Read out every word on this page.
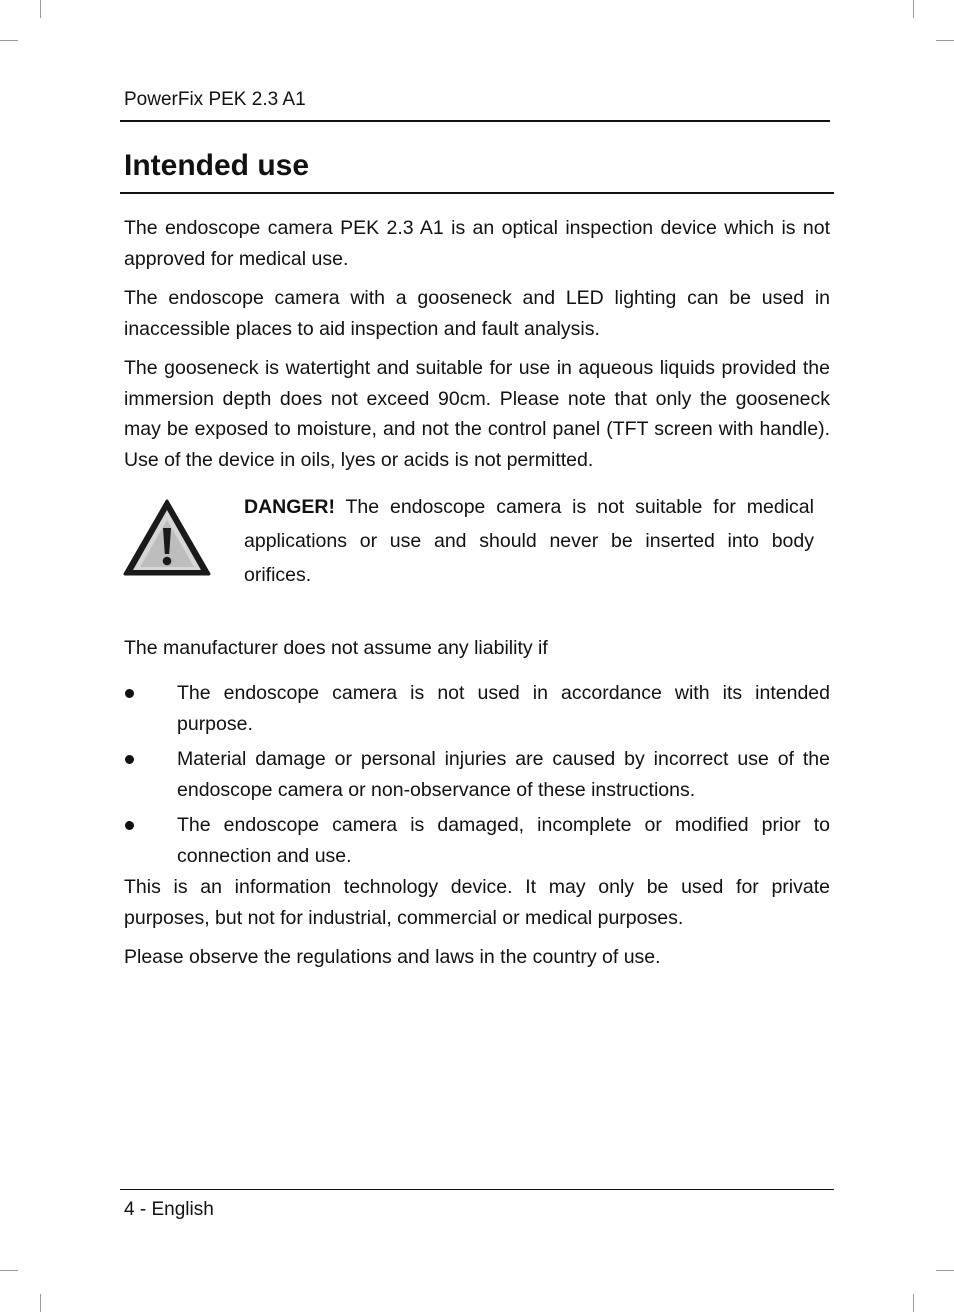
PowerFix PEK 2.3 A1
Intended use

The endoscope camera PEK 2.3 A1 is an optical inspection device which is not approved for medical use.

The endoscope camera with a gooseneck and LED lighting can be used in inaccessible places to aid inspection and fault analysis.

The gooseneck is watertight and suitable for use in aqueous liquids provided the immersion depth does not exceed 90cm. Please note that only the gooseneck may be exposed to moisture, and not the control panel (TFT screen with handle). Use of the device in oils, lyes or acids is not permitted.

DANGER! The endoscope camera is not suitable for medical applications or use and should never be inserted into body orifices.

The manufacturer does not assume any liability if

The endoscope camera is not used in accordance with its intended purpose.
Material damage or personal injuries are caused by incorrect use of the endoscope camera or non-observance of these instructions.
The endoscope camera is damaged, incomplete or modified prior to connection and use.

This is an information technology device. It may only be used for private purposes, but not for industrial, commercial or medical purposes.

Please observe the regulations and laws in the country of use.

4 - English
